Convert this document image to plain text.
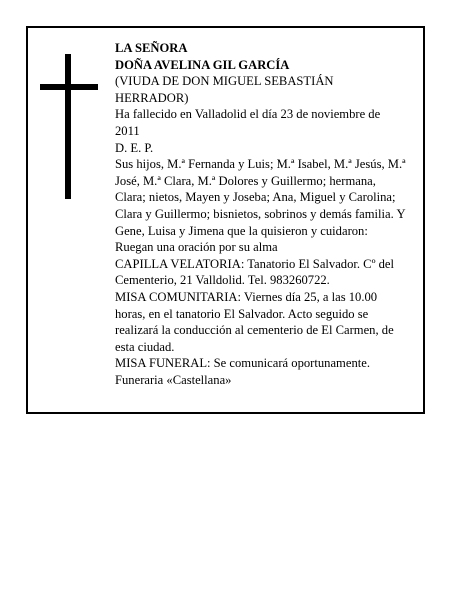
LA SEÑORA

DOÑA AVELINA GIL GARCÍA

(VIUDA DE DON MIGUEL SEBASTIÁN HERRADOR)

Ha fallecido en Valladolid el día 23 de noviembre de 2011

D. E. P.

Sus hijos, M.ª Fernanda y Luis; M.ª Isabel, M.ª Jesús, M.ª José, M.ª Clara, M.ª Dolores y Guillermo; hermana, Clara; nietos, Mayen y Joseba; Ana, Miguel y Carolina; Clara y Guillermo; bisnietos, sobrinos y demás familia. Y Gene, Luisa y Jimena que la quisieron y cuidaron:

Ruegan una oración por su alma

CAPILLA VELATORIA: Tanatorio El Salvador. Cº del Cementerio, 21 Valldolid. Tel. 983260722.

MISA COMUNITARIA: Viernes día 25, a las 10.00 horas, en el tanatorio El Salvador. Acto seguido se realizará la conducción al cementerio de El Carmen, de esta ciudad.

MISA FUNERAL: Se comunicará oportunamente.

Funeraria «Castellana»
